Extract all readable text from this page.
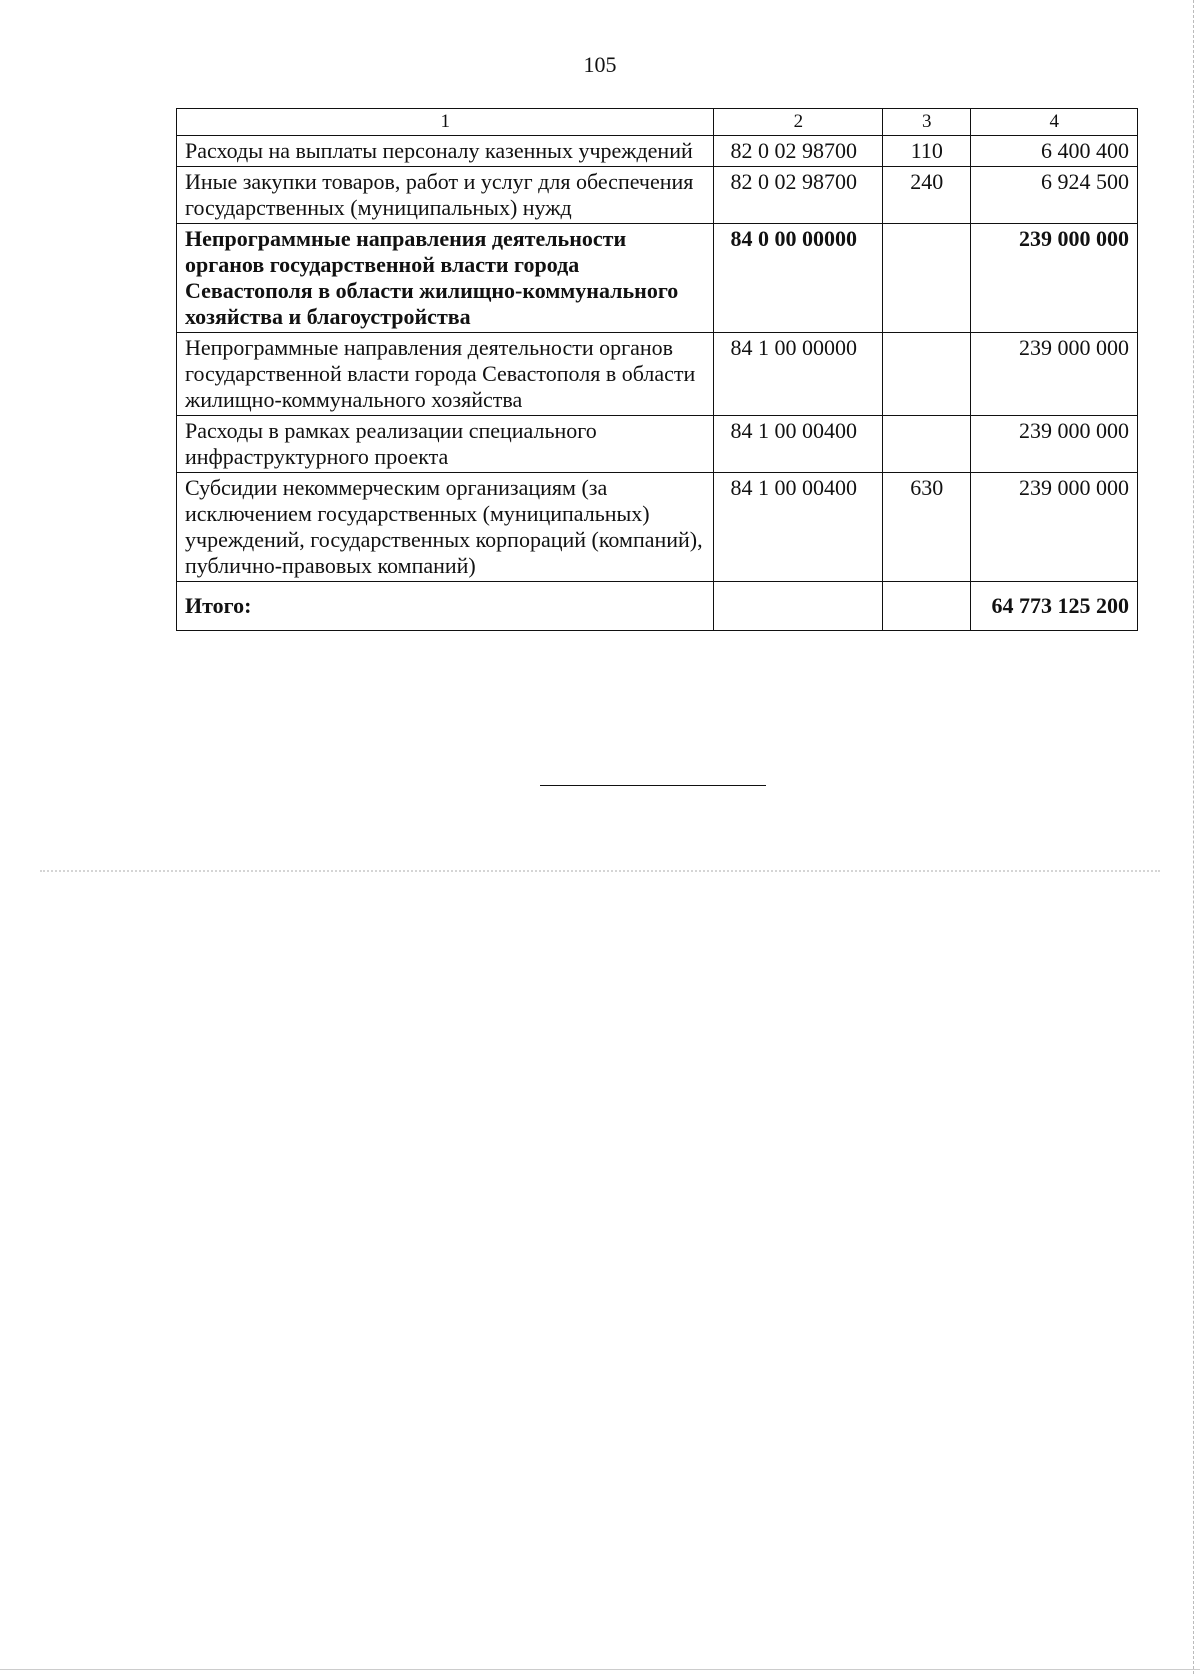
105
1	2	3	4
Расходы на выплаты персоналу казенных учреждений	82 0 02 98700	110	6 400 400
Иные закупки товаров, работ и услуг для обеспечения государственных (муниципальных) нужд	82 0 02 98700	240	6 924 500
Непрограммные направления деятельности органов государственной власти города Севастополя в области жилищно-коммунального хозяйства и благоустройства	84 0 00 00000		239 000 000
Непрограммные направления деятельности органов государственной власти города Севастополя в области жилищно-коммунального хозяйства	84 1 00 00000		239 000 000
Расходы в рамках реализации специального инфраструктурного проекта	84 1 00 00400		239 000 000
Субсидии некоммерческим организациям (за исключением государственных (муниципальных) учреждений, государственных корпораций (компаний), публично-правовых компаний)	84 1 00 00400	630	239 000 000
Итого:			64 773 125 200
